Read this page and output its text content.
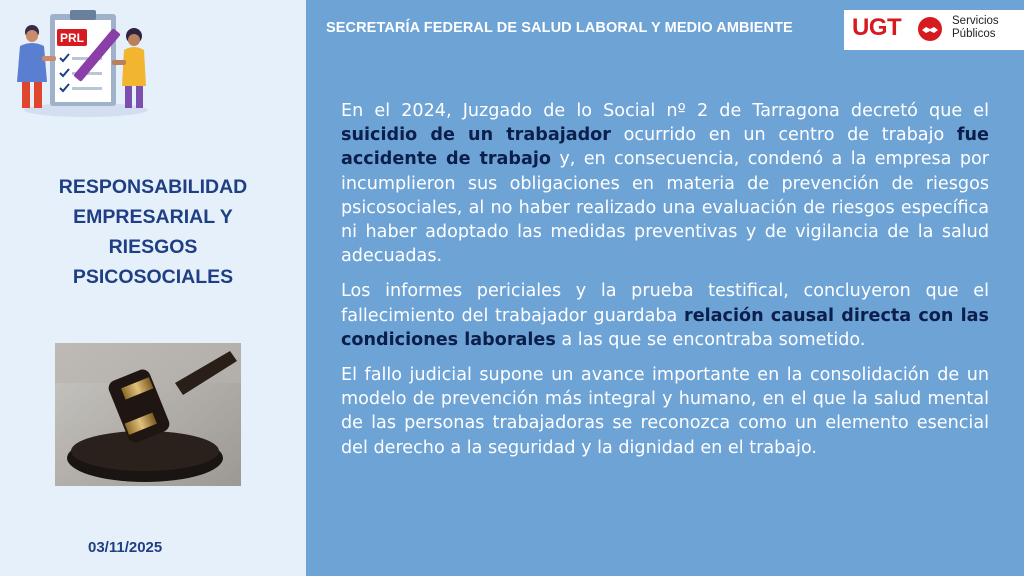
PRL
SECRETARÍA FEDERAL DE SALUD LABORAL Y MEDIO AMBIENTE UGT	Servicios
Públicos
RESPONSABILIDAD
EMPRESARIAL Y
RIESGOS
PSICOSOCIALES
03/11/2025

En el 2024, Juzgado de lo Social nº 2 de Tarragona decretó que el suicidio de un trabajador ocurrido en un centro de trabajo fue accidente de trabajo y, en consecuencia, condenó a la empresa por incumplieron sus obligaciones en materia de prevención de riesgos psicosociales, al no haber realizado una evaluación de riesgos específica ni haber adoptado las medidas preventivas y de vigilancia de la salud adecuadas.

Los informes periciales y la prueba testifical, concluyeron que el fallecimiento del trabajador guardaba relación causal directa con las condiciones laborales a las que se encontraba sometido.

El fallo judicial supone un avance importante en la consolidación de un modelo de prevención más integral y humano, en el que la salud mental de las personas trabajadoras se reconozca como un elemento esencial del derecho a la seguridad y la dignidad en el trabajo.
